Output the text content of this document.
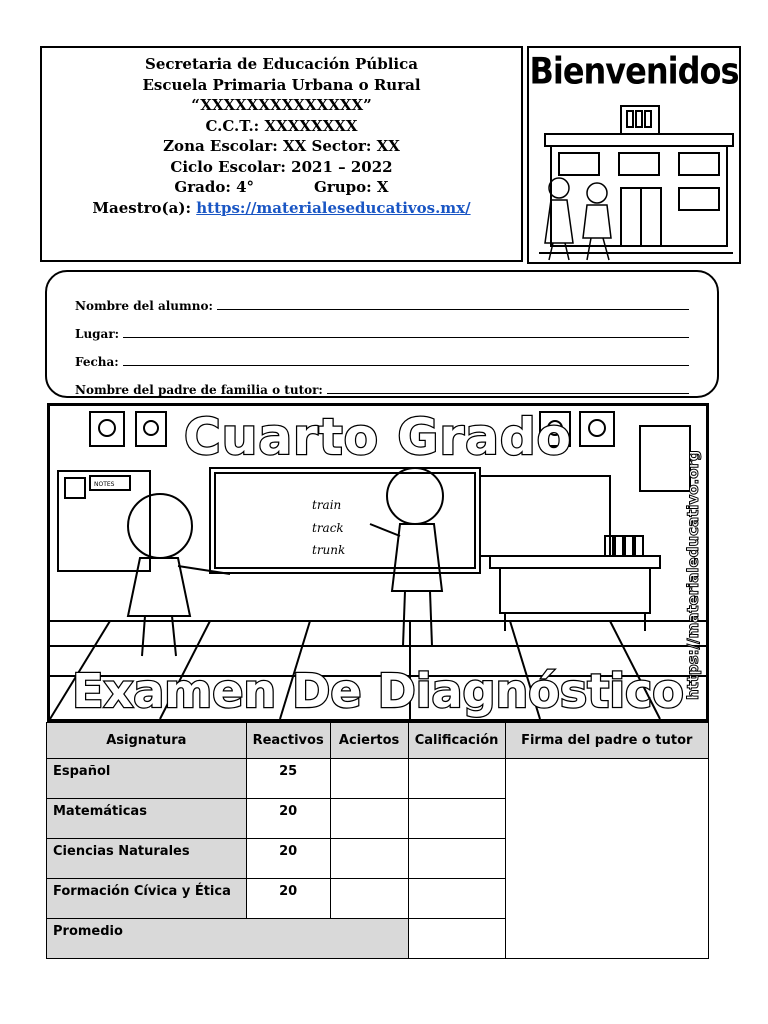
Secretaria de Educación Pública
Escuela Primaria Urbana o Rural
“XXXXXXXXXXXXXX”
C.C.T.: XXXXXXXX
Zona Escolar: XX Sector: XX
Ciclo Escolar: 2021 – 2022
Grado: 4°	Grupo: X
Maestro(a): https://materialeseducativos.mx/
Bienvenidos
Nombre del alumno:
Lugar:
Fecha:
Nombre del padre de familia o tutor:
train
track
trunk
NOTES
Cuarto Grado
Examen De Diagnóstico https://materialeducativo.org
Asignatura	Reactivos	Aciertos	Calificación	Firma del padre o tutor
Español	25			
Matemáticas	20			
Ciencias Naturales	20			
Formación Cívica y Ética	20			
Promedio				
